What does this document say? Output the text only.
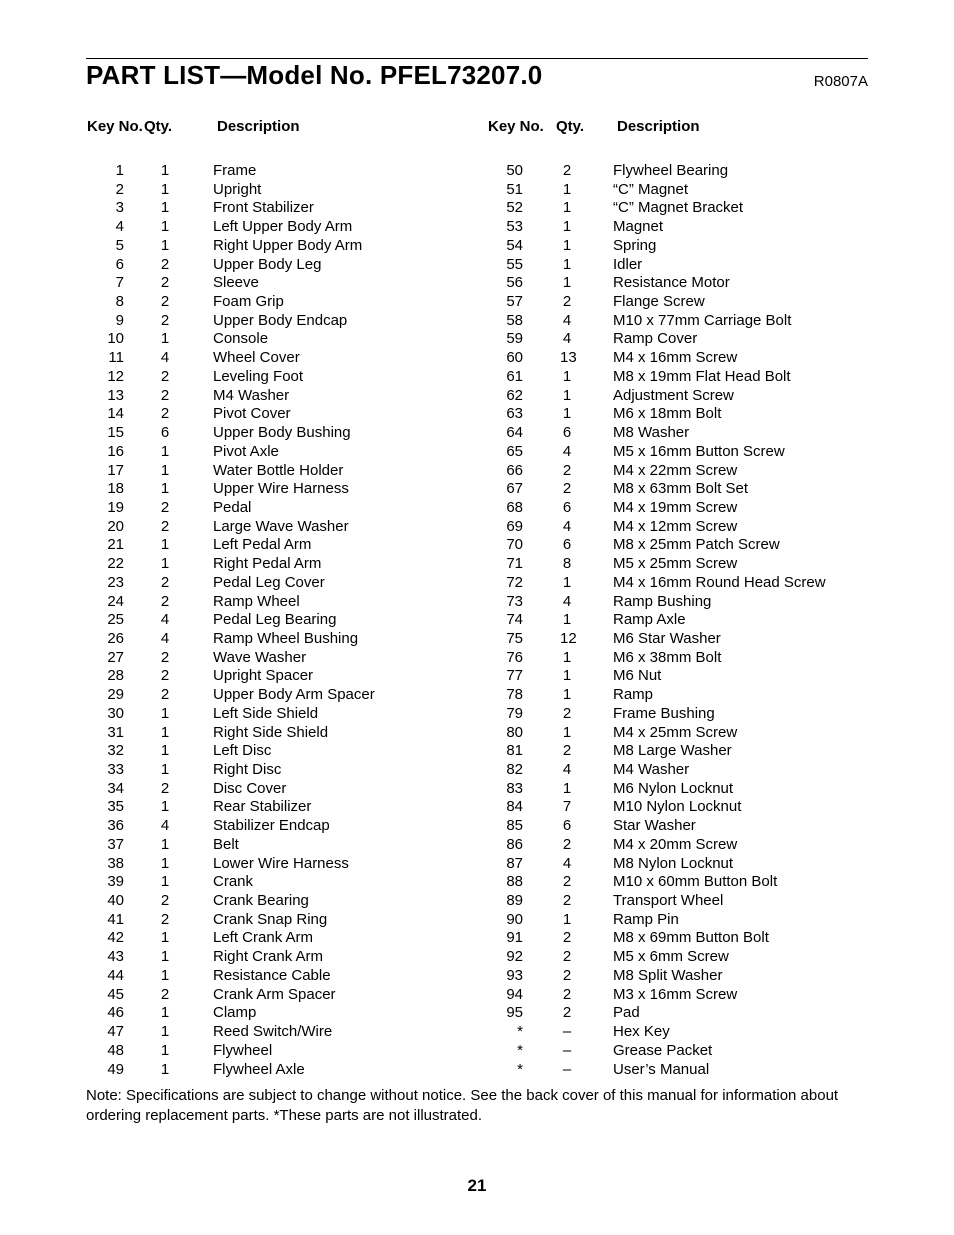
PART LIST—Model No. PFEL73207.0	R0807A
Key No. Qty.	Description
1 1	Frame
2 1	Upright
3 1	Front Stabilizer
4 1	Left Upper Body Arm
5 1	Right Upper Body Arm
6 2	Upper Body Leg
7 2	Sleeve
8 2	Foam Grip
9 2	Upper Body Endcap
10 1	Console
11 4	Wheel Cover
12 2	Leveling Foot
13 2	M4 Washer
14 2	Pivot Cover
15 6	Upper Body Bushing
16 1	Pivot Axle
17 1	Water Bottle Holder
18 1	Upper Wire Harness
19 2	Pedal
20 2	Large Wave Washer
21 1	Left Pedal Arm
22 1	Right Pedal Arm
23 2	Pedal Leg Cover
24 2	Ramp Wheel
25 4	Pedal Leg Bearing
26 4	Ramp Wheel Bushing
27 2	Wave Washer
28 2	Upright Spacer
29 2	Upper Body Arm Spacer
30 1	Left Side Shield
31 1	Right Side Shield
32 1	Left Disc
33 1	Right Disc
34 2	Disc Cover
35 1	Rear Stabilizer
36 4	Stabilizer Endcap
37 1	Belt
38 1	Lower Wire Harness
39 1	Crank
40 2	Crank Bearing
41 2	Crank Snap Ring
42 1	Left Crank Arm
43 1	Right Crank Arm
44 1	Resistance Cable
45 2	Crank Arm Spacer
46 1	Clamp
47 1	Reed Switch/Wire
48 1	Flywheel
49 1	Flywheel Axle
Key No. Qty. Description
50	2	Flywheel Bearing
51	1	“C” Magnet
52	1	“C” Magnet Bracket
53	1	Magnet
54	1	Spring
55	1	Idler
56	1	Resistance Motor
57	2	Flange Screw
58	4	M10 x 77mm Carriage Bolt
59	4	Ramp Cover
60 13 M4 x 16mm Screw
61	1	M8 x 19mm Flat Head Bolt
62	1	Adjustment Screw
63	1	M6 x 18mm Bolt
64	6	M8 Washer
65	4	M5 x 16mm Button Screw
66	2	M4 x 22mm Screw
67	2	M8 x 63mm Bolt Set
68	6	M4 x 19mm Screw
69	4	M4 x 12mm Screw
70	6	M8 x 25mm Patch Screw
71	8	M5 x 25mm Screw
72	1	M4 x 16mm Round Head Screw
73	4	Ramp Bushing
74	1	Ramp Axle
75 12 M6 Star Washer
76	1	M6 x 38mm Bolt
77	1	M6 Nut
78	1	Ramp
79	2	Frame Bushing
80	1	M4 x 25mm Screw
81	2	M8 Large Washer
82	4	M4 Washer
83	1	M6 Nylon Locknut
84	7	M10 Nylon Locknut
85	6	Star Washer
86	2	M4 x 20mm Screw
87	4	M8 Nylon Locknut
88	2	M10 x 60mm Button Bolt
89	2	Transport Wheel
90	1	Ramp Pin
91	2	M8 x 69mm Button Bolt
92	2	M5 x 6mm Screw
93	2	M8 Split Washer
94	2	M3 x 16mm Screw
95	2	Pad
*	–	Hex Key
*	–	Grease Packet
*	–	User’s Manual
Note: Specifications are subject to change without notice. See the back cover of this manual for information about ordering replacement parts. *These parts are not illustrated.
21
